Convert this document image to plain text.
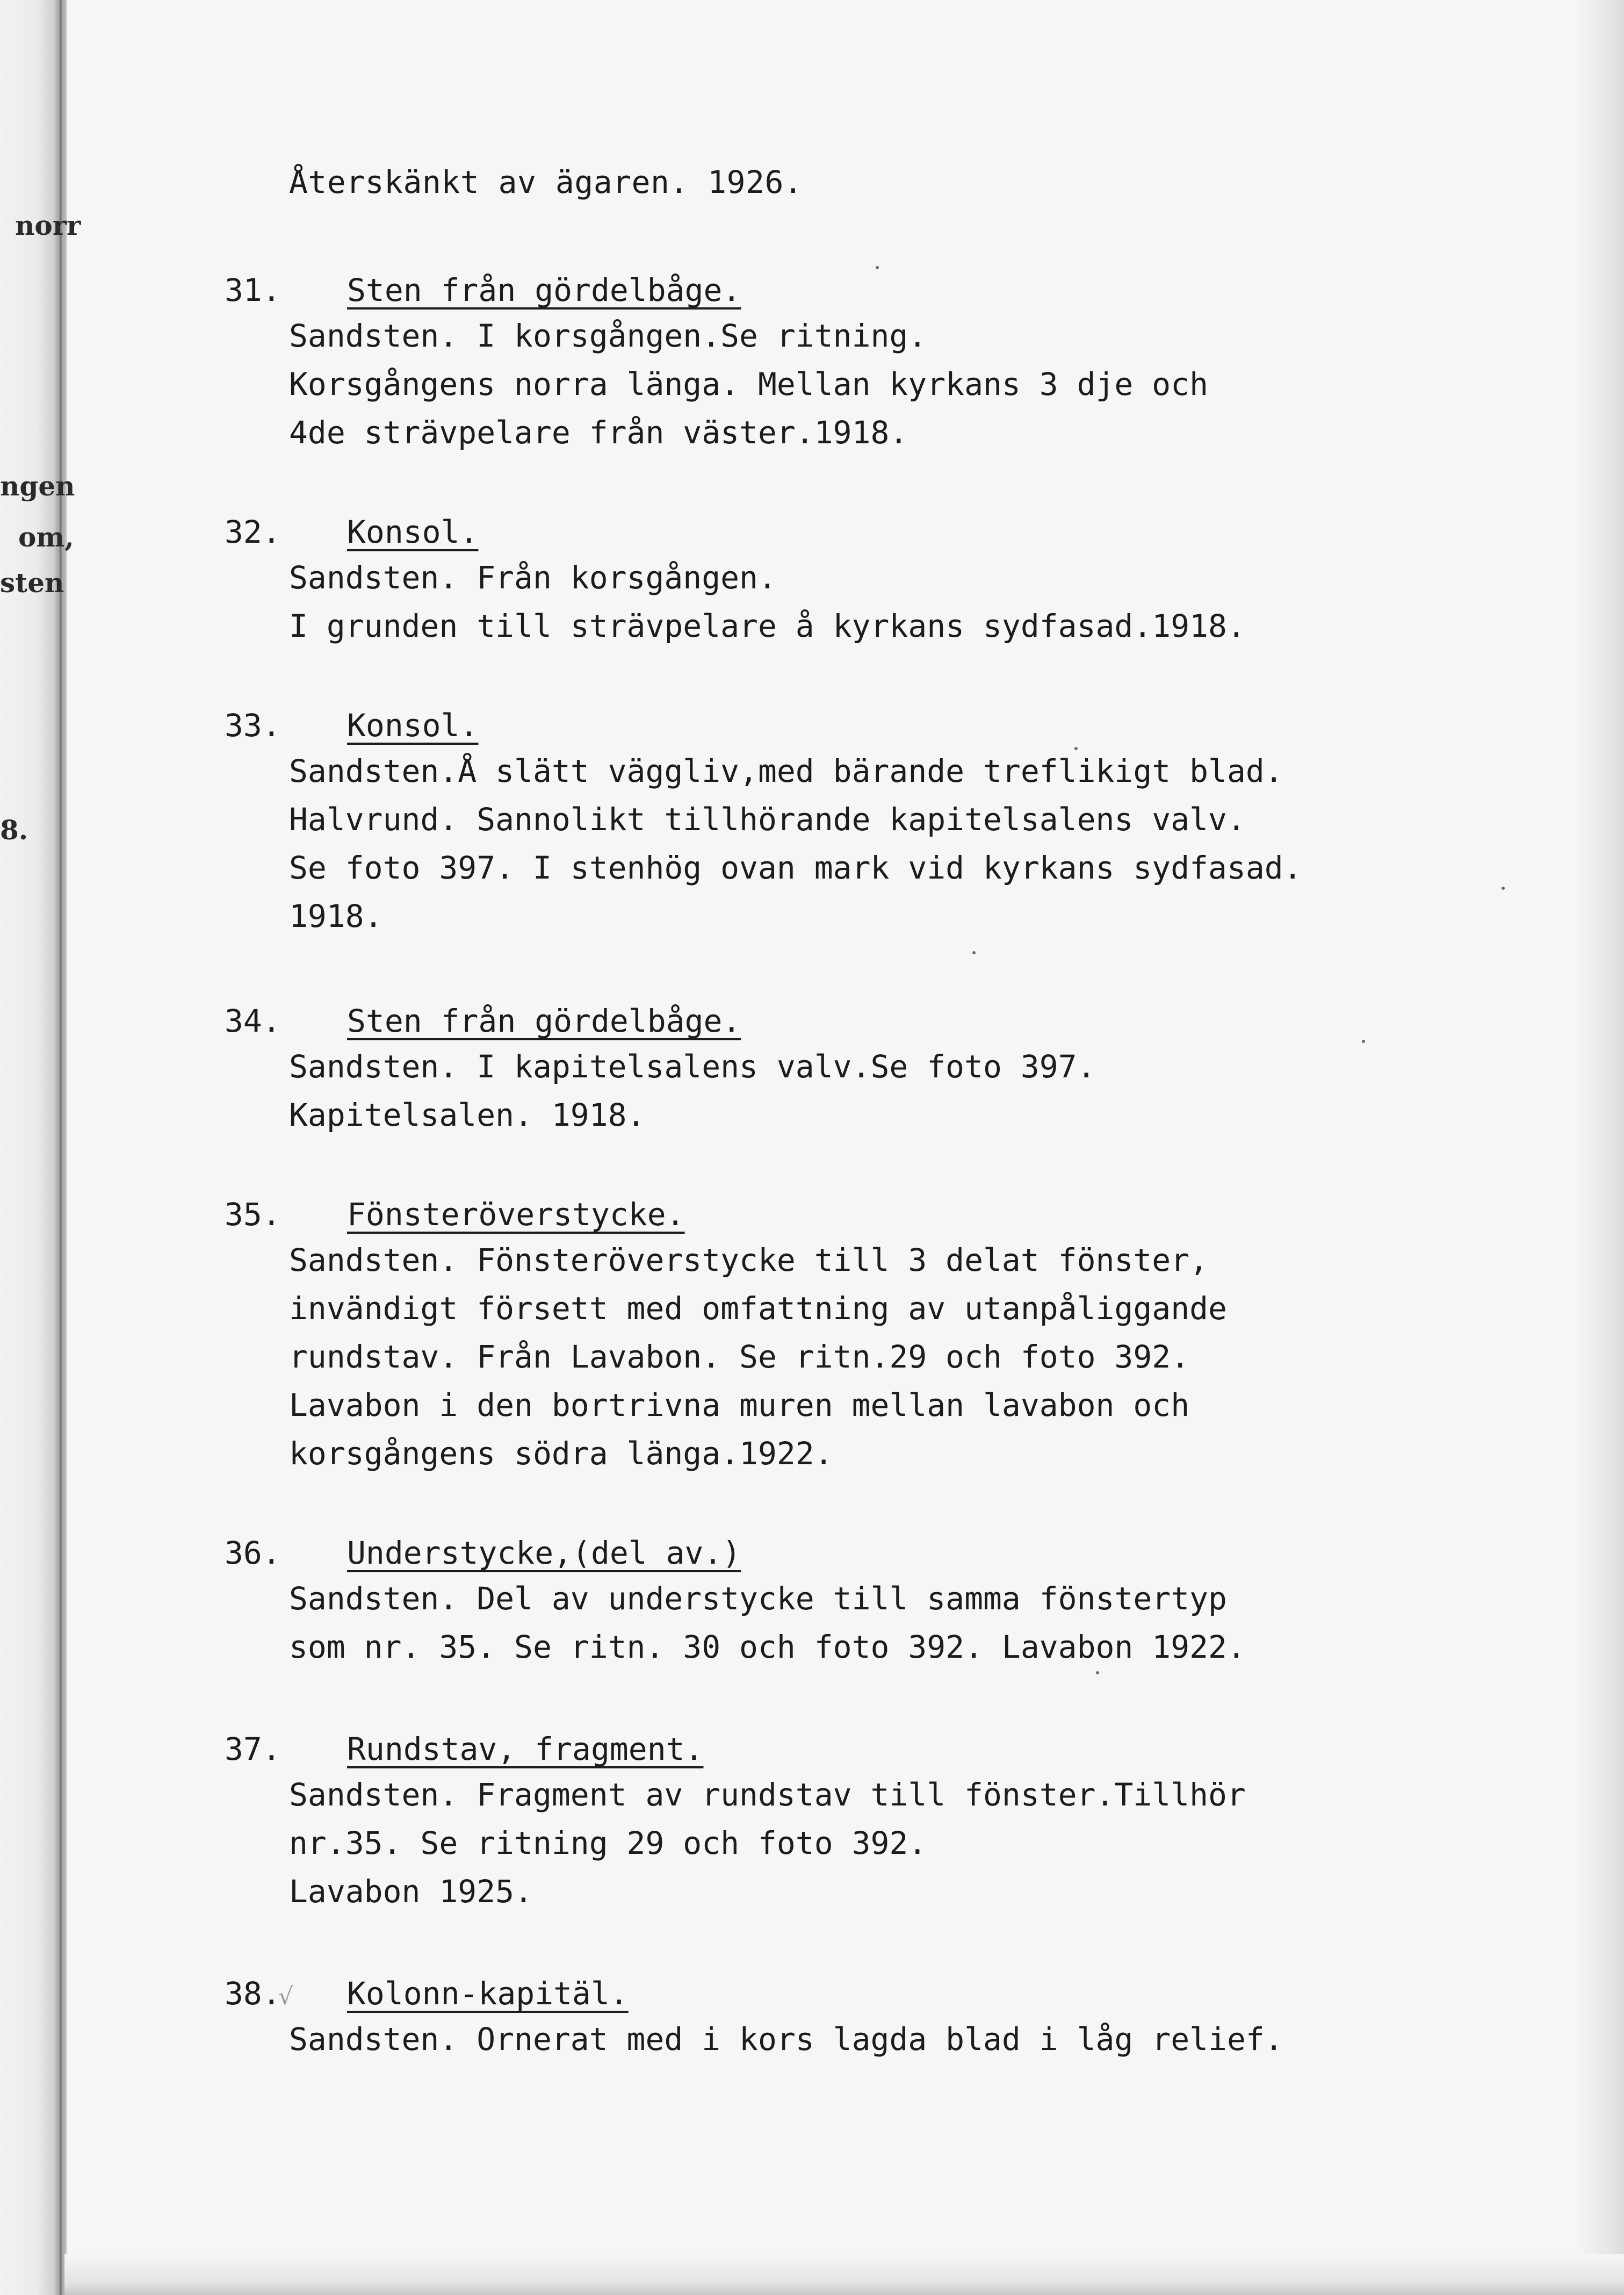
norr
ngen
om,
sten
8.
Återskänkt av ägaren. 1926.
31. Sten från gördelbåge.
Sandsten. I korsgången.Se ritning.
Korsgångens norra länga. Mellan kyrkans 3 dje och
4de strävpelare från väster.1918.
32. Konsol.
Sandsten. Från korsgången.
I grunden till strävpelare å kyrkans sydfasad.1918.
33. Konsol.
Sandsten.Å slätt väggliv,med bärande treflikigt blad.
Halvrund. Sannolikt tillhörande kapitelsalens valv.
Se foto 397. I stenhög ovan mark vid kyrkans sydfasad.
1918.
34. Sten från gördelbåge.
Sandsten. I kapitelsalens valv.Se foto 397.
Kapitelsalen. 1918.
35. Fönsteröverstycke.
Sandsten. Fönsteröverstycke till 3 delat fönster,
invändigt försett med omfattning av utanpåliggande
rundstav. Från Lavabon. Se ritn.29 och foto 392.
Lavabon i den bortrivna muren mellan lavabon och
korsgångens södra länga.1922.
36. Understycke,(del av.)
Sandsten. Del av understycke till samma fönstertyp
som nr. 35. Se ritn. 30 och foto 392. Lavabon 1922.
37. Rundstav, fragment.
Sandsten. Fragment av rundstav till fönster.Tillhör
nr.35. Se ritning 29 och foto 392.
Lavabon 1925.
38.√ Kolonn-kapitäl.
Sandsten. Ornerat med i kors lagda blad i låg relief.
